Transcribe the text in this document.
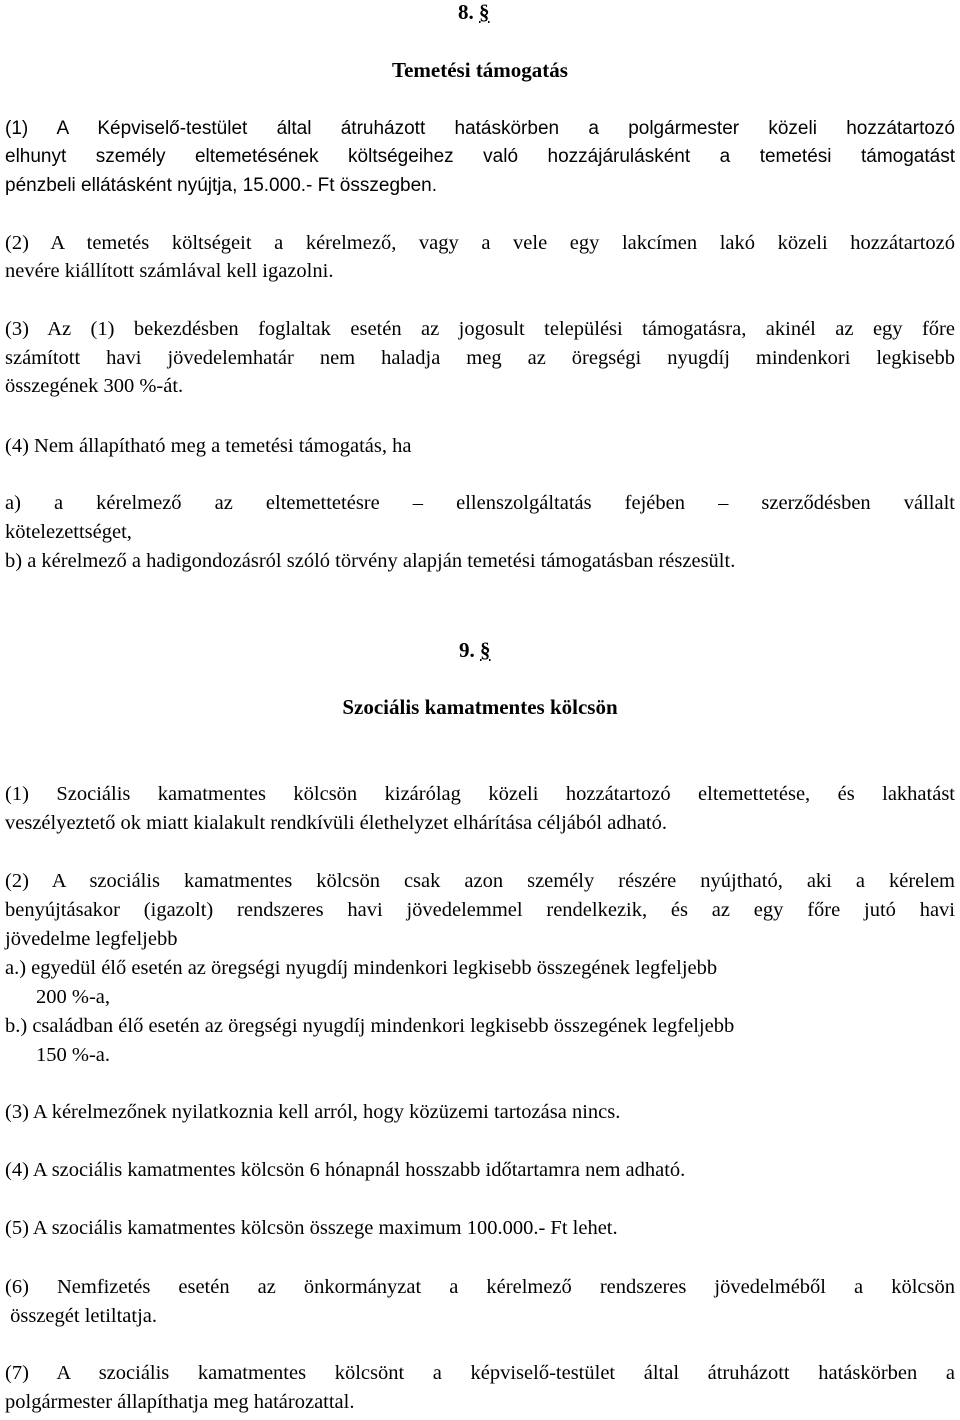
8. §
Temetési támogatás
(1) A Képviselő-testület által átruházott hatáskörben a polgármester közeli hozzátartozó
elhunyt személy eltemetésének költségeihez való hozzájárulásként a temetési támogatást
pénzbeli ellátásként nyújtja, 15.000.- Ft összegben.
(2) A temetés költségeit a kérelmező, vagy a vele egy lakcímen lakó közeli hozzátartozó
nevére kiállított számlával kell igazolni.
(3) Az (1) bekezdésben foglaltak esetén az jogosult települési támogatásra, akinél az egy főre
számított havi jövedelemhatár nem haladja meg az öregségi nyugdíj mindenkori legkisebb
összegének 300 %-át.
(4) Nem állapítható meg a temetési támogatás, ha
a) a kérelmező az eltemettetésre – ellenszolgáltatás fejében – szerződésben vállalt
kötelezettséget,
b) a kérelmező a hadigondozásról szóló törvény alapján temetési támogatásban részesült.
9. §
Szociális kamatmentes kölcsön
(1) Szociális kamatmentes kölcsön kizárólag közeli hozzátartozó eltemettetése, és lakhatást
veszélyeztető ok miatt kialakult rendkívüli élethelyzet elhárítása céljából adható.
(2) A szociális kamatmentes kölcsön csak azon személy részére nyújtható, aki a kérelem
benyújtásakor (igazolt) rendszeres havi jövedelemmel rendelkezik, és az egy főre jutó havi
jövedelme legfeljebb
a.) egyedül élő esetén az öregségi nyugdíj mindenkori legkisebb összegének legfeljebb
200 %-a,
b.) családban élő esetén az öregségi nyugdíj mindenkori legkisebb összegének legfeljebb
150 %-a.
(3) A kérelmezőnek nyilatkoznia kell arról, hogy közüzemi tartozása nincs.
(4) A szociális kamatmentes kölcsön 6 hónapnál hosszabb időtartamra nem adható.
(5) A szociális kamatmentes kölcsön összege maximum 100.000.- Ft lehet.
(6) Nemfizetés esetén az önkormányzat a kérelmező rendszeres jövedelméből a kölcsön
összegét letiltatja.
(7) A szociális kamatmentes kölcsönt a képviselő-testület által átruházott hatáskörben a
polgármester állapíthatja meg határozattal.
